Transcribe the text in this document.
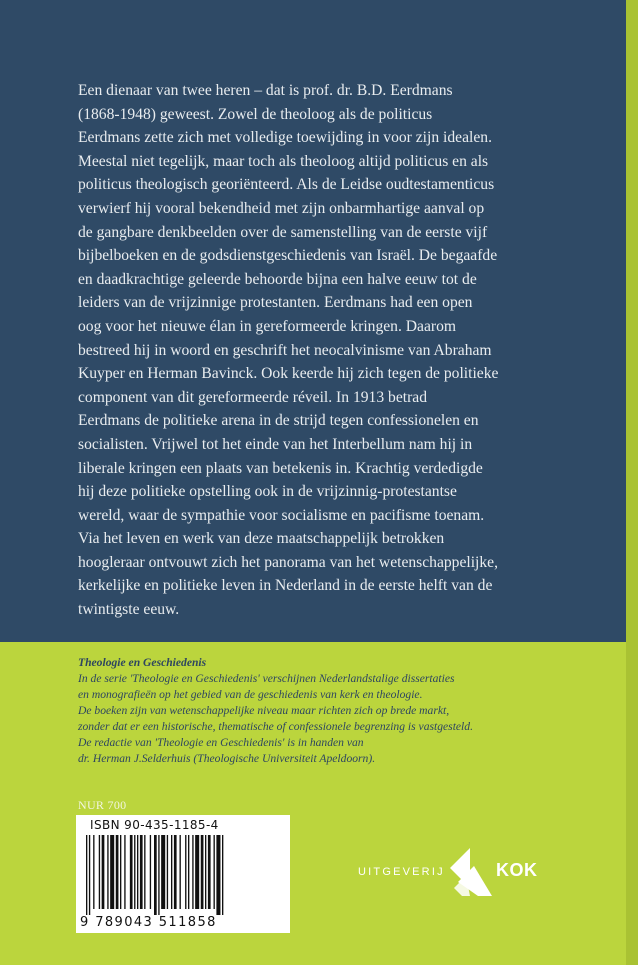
Een dienaar van twee heren – dat is prof. dr. B.D. Eerdmans
(1868-1948) geweest. Zowel de theoloog als de politicus
Eerdmans zette zich met volledige toewijding in voor zijn idealen.
Meestal niet tegelijk, maar toch als theoloog altijd politicus en als
politicus theologisch georiënteerd. Als de Leidse oudtestamenticus
verwierf hij vooral bekendheid met zijn onbarmhartige aanval op
de gangbare denkbeelden over de samenstelling van de eerste vijf
bijbelboeken en de godsdienstgeschiedenis van Israël. De begaafde
en daadkrachtige geleerde behoorde bijna een halve eeuw tot de
leiders van de vrijzinnige protestanten. Eerdmans had een open
oog voor het nieuwe élan in gereformeerde kringen. Daarom
bestreed hij in woord en geschrift het neocalvinisme van Abraham
Kuyper en Herman Bavinck. Ook keerde hij zich tegen de politieke
component van dit gereformeerde réveil. In 1913 betrad
Eerdmans de politieke arena in de strijd tegen confessionelen en
socialisten. Vrijwel tot het einde van het Interbellum nam hij in
liberale kringen een plaats van betekenis in. Krachtig verdedigde
hij deze politieke opstelling ook in de vrijzinnig-protestantse
wereld, waar de sympathie voor socialisme en pacifisme toenam.
Via het leven en werk van deze maatschappelijk betrokken
hoogleraar ontvouwt zich het panorama van het wetenschappelijke,
kerkelijke en politieke leven in Nederland in de eerste helft van de
twintigste eeuw.
Theologie en Geschiedenis
In de serie 'Theologie en Geschiedenis' verschijnen Nederlandstalige dissertaties
en monografieën op het gebied van de geschiedenis van kerk en theologie.
De boeken zijn van wetenschappelijke niveau maar richten zich op brede markt,
zonder dat er een historische, thematische of confessionele begrenzing is vastgesteld.
De redactie van 'Theologie en Geschiedenis' is in handen van
dr. Herman J.Selderhuis (Theologische Universiteit Apeldoorn).
NUR 700
ISBN 90-435-1185-4
9 789043 511858
UITGEVERIJ	KOK
